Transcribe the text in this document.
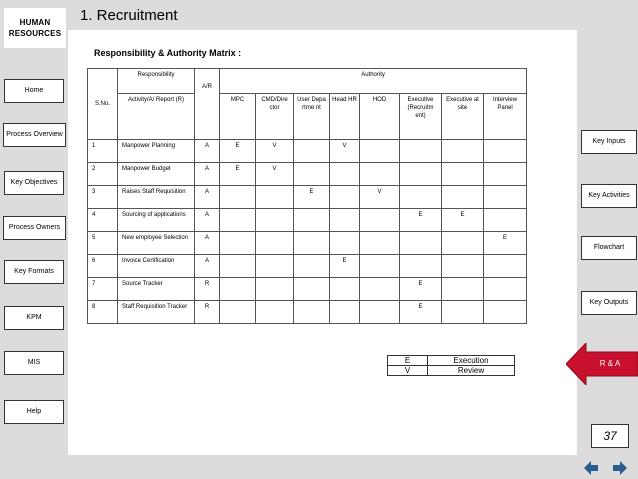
HUMAN
RESOURCES
1. Recruitment
Responsibility & Authority Matrix :
Home
Process Overview
Key Objectives
Process Owners
Key Formats
KPM
MIS
Help
Key Inputs
Key Activities
Flowchart
Key Outputs
R & A
S.No.	Responsibility	A/R	Authority							
	Activity/A/ Report (R)		MPC	CMD/Dire ctor	User Depa rtme nt	Head HR	HOD	Executive (Recruitm ent)	Executive at site	Interview Panel
1	Manpower Planning	A	E	V		V				
2	Manpower Budget	A	E	V						
3	Raises Staff Requisition	A			E		V			
4	Sourcing of applications	A						E	E	
5	New employee Selection	A								E
6	Invoice Certification	A				E				
7	Source Tracker	R						E		
8	Staff Requisition Tracker	R						E		
E	Execution
V	Review
37
